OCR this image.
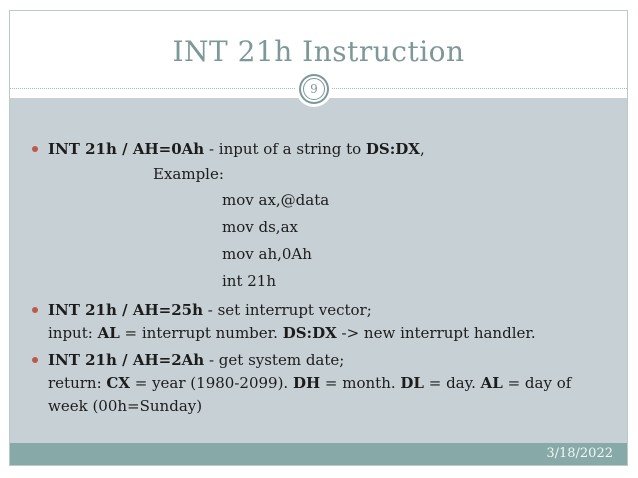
INT 21h Instruction
9

INT 21h / AH=0Ah - input of a string to DS:DX,

Example:

mov ax,@data

mov ds,ax

mov ah,0Ah

int 21h

INT 21h / AH=25h - set interrupt vector;

input: AL = interrupt number. DS:DX -> new interrupt handler.

INT 21h / AH=2Ah - get system date;

return: CX = year (1980-2099). DH = month. DL = day. AL = day of week (00h=Sunday)

3/18/2022
